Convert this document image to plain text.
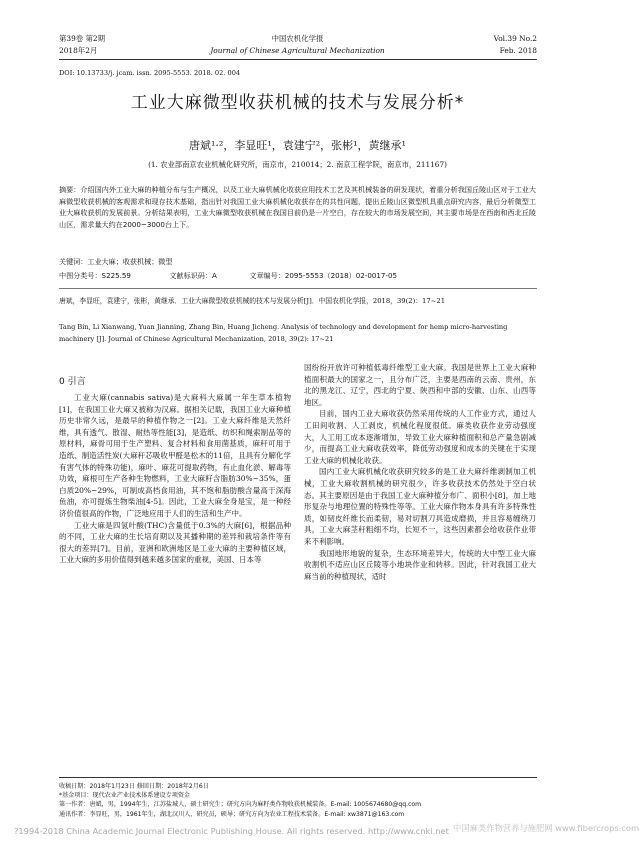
第39卷 第2期
2018年2月
中国农机化学报
Journal of Chinese Agricultural Mechanization
Vol.39 No.2
Feb. 2018
DOI: 10.13733/j. jcam. issn. 2095-5553. 2018. 02. 004
工业大麻微型收获机械的技术与发展分析*
唐斌¹·²，李显旺¹，袁建宁²，张彬¹，黄继承¹
(1. 农业部南京农业机械化研究所，南京市，210014；2. 南京工程学院，南京市，211167)
摘要：介绍国内外工业大麻的种植分布与生产概况，以及工业大麻机械化收获应用技术工艺及其机械装备的研发现状，着重分析我国丘陵山区对于工业大麻微型收获机械的客观需求和现存技术基础，指出针对我国工业大麻机械化收获存在的共性问题，提出丘陵山区微型机具重点研究内容，最后分析微型工业大麻收获机的发展前景。分析结果表明，工业大麻微型收获机械在我国目前仍是一片空白，存在较大的市场发展空间，其主要市场是在西南和西北丘陵山区，需求量大约在2000~3000台上下。
关键词：工业大麻；收获机械；微型
中图分类号：S225.59	文献标识码：A	文章编号：2095-5553（2018）02-0017-05
唐斌，李显旺，袁建宁，张彬，黄继承．工业大麻微型收获机械的技术与发展分析[J]．中国农机化学报，2018，39(2)：17~21
Tang Bin, Li Xianwang, Yuan Jianning, Zhang Bin, Huang Jicheng. Analysis of technology and development for hemp micro-harvesting machinery [J]. Journal of Chinese Agricultural Mechanization, 2018, 39(2): 17~21
0 引言

工业大麻(cannabis sativa)是大麻科大麻属一年生草本植物[1]，在我国工业大麻又被称为汉麻。据相关记载，我国工业大麻种植历史非常久远，是最早的种植作物之一[2]。工业大麻纤维是天然纤维，具有透气、散湿、耐热等性能[3]，是造纸、纺织和绳索制品等的原材料，麻骨可用于生产塑料、复合材料和食用菌基质，麻秆可用于造纸、制造活性炭(大麻秆芯吸收甲醛是松木的11倍，且具有分解化学有害气体的特殊功能)，麻叶、麻花可提取药物，有止血化淤、解毒等功效，麻根可生产各种生物燃料，工业大麻籽含脂肪30%~35%，蛋白质20%~29%，可制成高档食用油，其不饱和脂肪酸含量高于深海鱼油，亦可提炼生物柴油[4-5]。因此，工业大麻全身是宝，是一种经济价值很高的作物，广泛地应用于人们的生活和生产中。

工业大麻是四氢叶酸(THC)含量低于0.3%的大麻[6]，根据品种的不同，工业大麻的生长培育期以及其播种期的差异和栽培条件等有很大的差异[7]。目前，亚洲和欧洲地区是工业大麻的主要种植区域，工业大麻的多用价值得到越来越多国家的重视，美国、日本等

国纷纷开放许可种植低毒纤维型工业大麻。我国是世界上工业大麻种植面积最大的国家之一，且分布广泛，主要是西南的云南、贵州，东北的黑龙江、辽宁，西北的宁夏、陕西和中部的安徽、山东、山西等地区。

目前，国内工业大麻收获仍然采用传统的人工作业方式，通过人工田间收割、人工剥皮，机械化程度很低。麻类收获作业劳动强度大，人工用工成本逐渐增加，导致工业大麻种植面积和总产量急剧减少，而提高工业大麻收获效率，降低劳动强度和成本的关键在于实现工业大麻的机械化收获。

国内工业大麻机械化收获研究较多的是工业大麻纤维剥制加工机械，工业大麻收割机械的研究很少，许多收获技术仍然处于空白状态。其主要原因是由于我国工业大麻种植分布广、面积小[8]，加上地形复杂与地理位置的特殊性等等。工业大麻作物本身具有许多特殊性质，如韧皮纤维长而柔韧，易对切割刀具造成磨损，并且容易缠绕刀具，工业大麻茎秆粗细不均，长短不一，这些因素都会给收获作业带来不利影响。

我国地形地貌的复杂，生态环境差异大，传统的大中型工业大麻收割机不适应山区丘陵等小地块作业和转移。因此，针对我国工业大麻当前的种植现状，适时

收稿日期：2018年1月23日 修回日期：2018年2月6日
*基金项目：现代农业产业技术体系建设专项资金
第一作者：唐斌，男，1994年生，江苏盐城人，硕士研究生；研究方向为麻籽类作物收获机械装备。E-mail: 1005674680@qq.com
通讯作者：李显旺，男，1961年生，湖北汉川人，研究员，硕导；研究方向为农业工程技术装备。E-mail: xw3871@163.com
?1994-2018 China Academic Journal Electronic Publishing House. All rights reserved. http://www.cnki.net 中国麻类作物营养与施肥网 www.fibercrops.com
